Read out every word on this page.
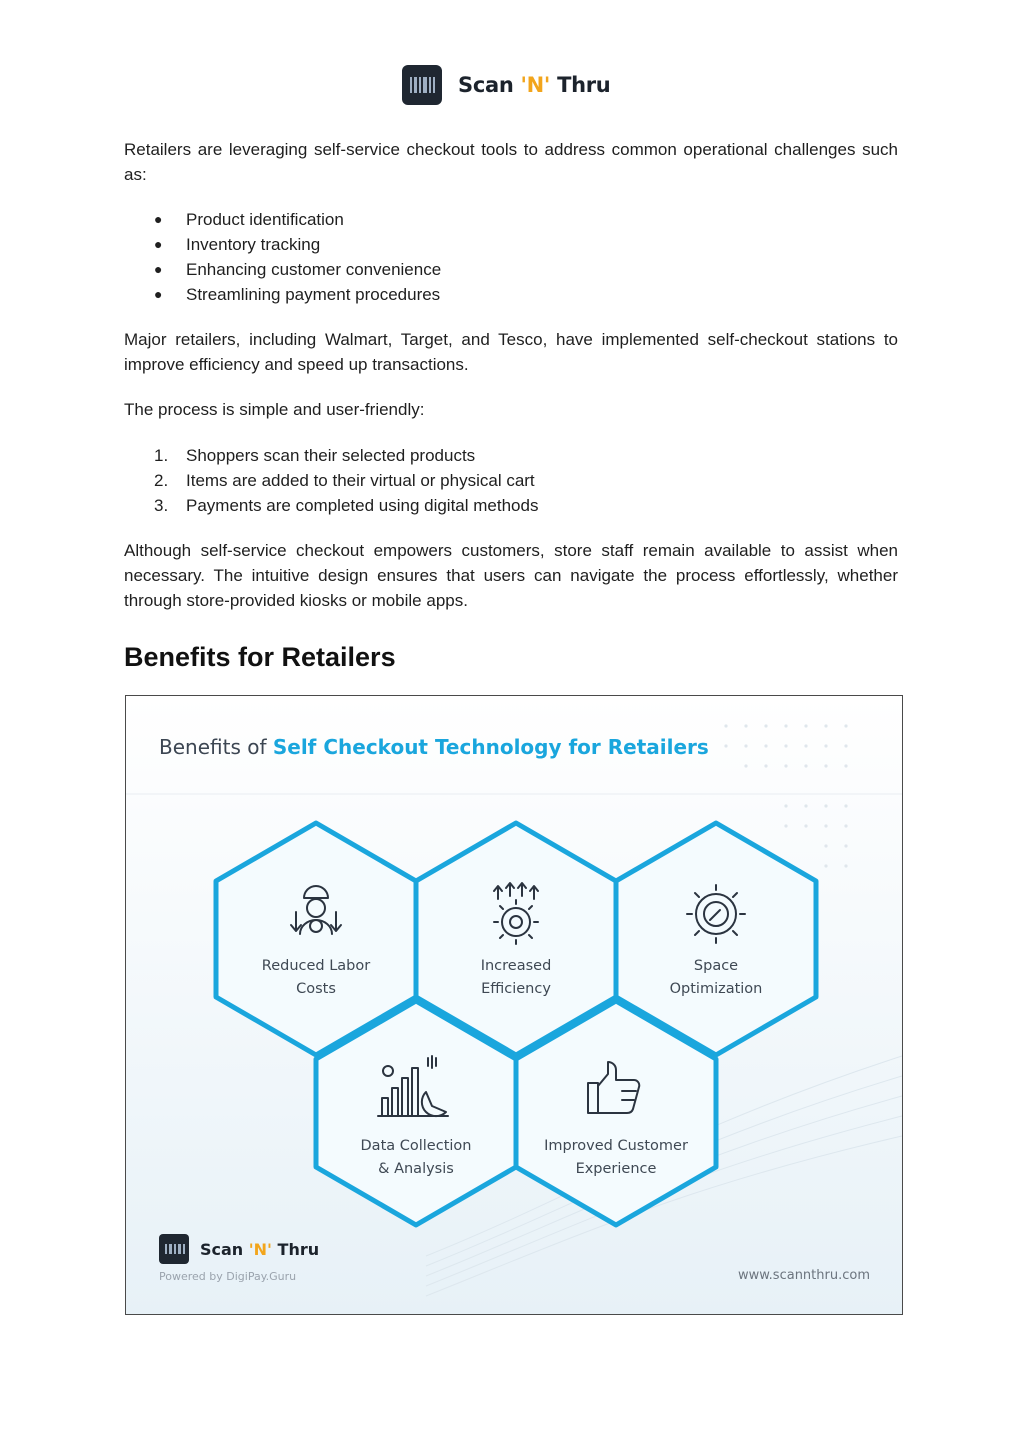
Scan 'N' Thru

Retailers are leveraging self-service checkout tools to address common operational challenges such as:

● Product identification
● Inventory tracking
● Enhancing customer convenience
● Streamlining payment procedures

Major retailers, including Walmart, Target, and Tesco, have implemented self-checkout stations to improve efficiency and speed up transactions.

The process is simple and user-friendly:

1. Shoppers scan their selected products
2. Items are added to their virtual or physical cart
3. Payments are completed using digital methods

Although self-service checkout empowers customers, store staff remain available to assist when necessary. The intuitive design ensures that users can navigate the process effortlessly, whether through store-provided kiosks or mobile apps.

Benefits for Retailers
Benefits of Self Checkout Technology for Retailers
Reduced Labor
Costs
Increased
Efficiency
Space
Optimization
Data Collection
& Analysis
Improved Customer
Experience
Scan 'N' Thru
Powered by DigiPay.Guru	www.scannthru.com
